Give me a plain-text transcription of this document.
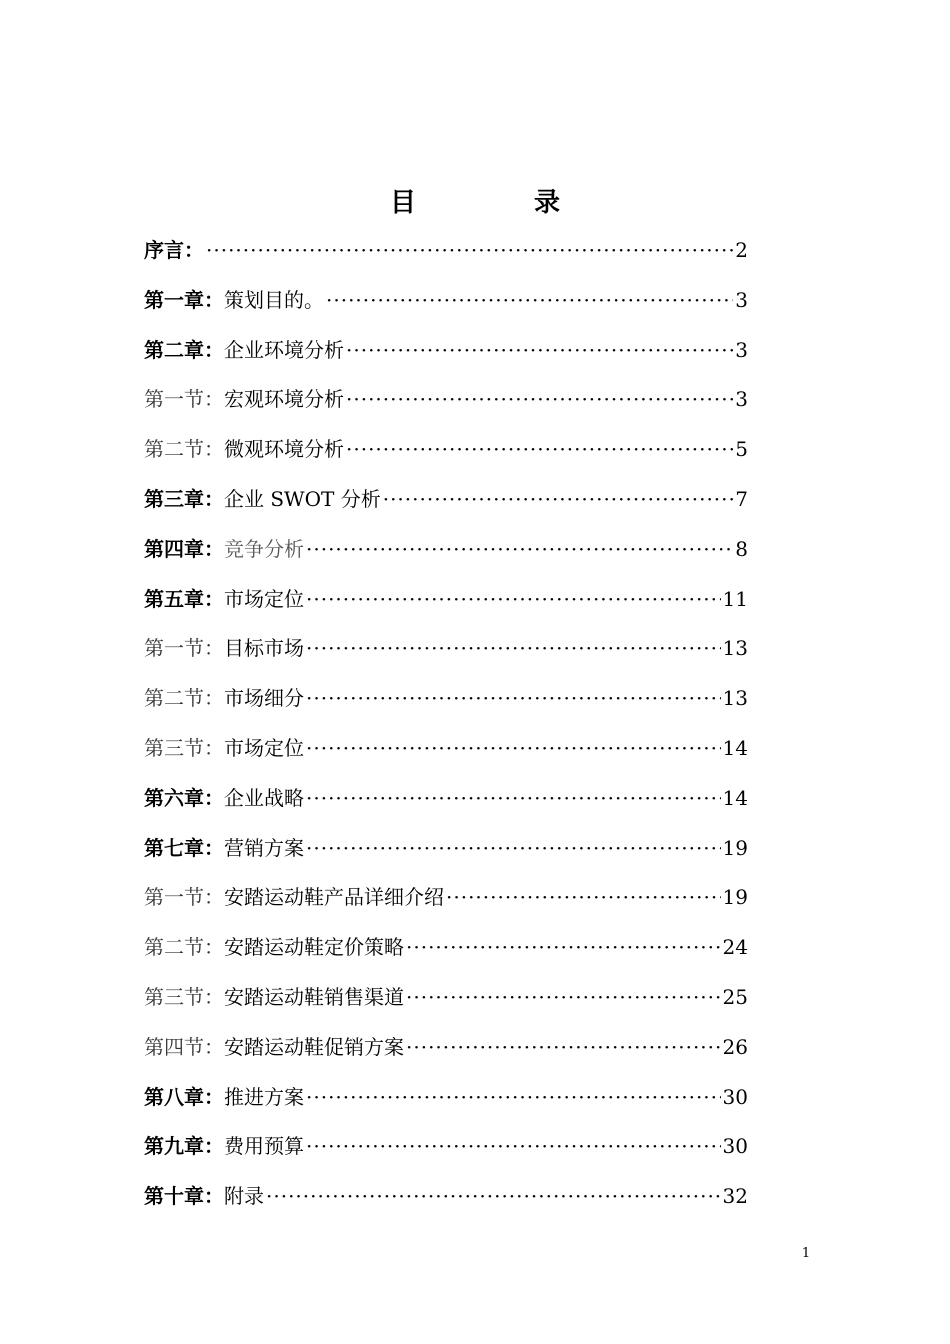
目	录
序言： ·····	2
第一章： 策划目的。 ·····	3
第二章： 企业环境分析 ·····	3
第一节： 宏观环境分析 ·····	3
第二节： 微观环境分析 ·····	5
第三章： 企业 SWOT 分析 ·····	7
第四章： 竞争分析 ·····	8
第五章： 市场定位 ·····	11
第一节： 目标市场 ·····	13
第二节： 市场细分 ·····	13
第三节： 市场定位 ·····	14
第六章： 企业战略 ·····	14
第七章： 营销方案 ·····	19
第一节： 安踏运动鞋产品详细介绍 ·····	19
第二节： 安踏运动鞋定价策略 ·····	24
第三节： 安踏运动鞋销售渠道 ·····	25
第四节： 安踏运动鞋促销方案 ·····	26
第八章： 推进方案 ·····	30
第九章： 费用预算 ·····	30
第十章： 附录 ·····	32
1
